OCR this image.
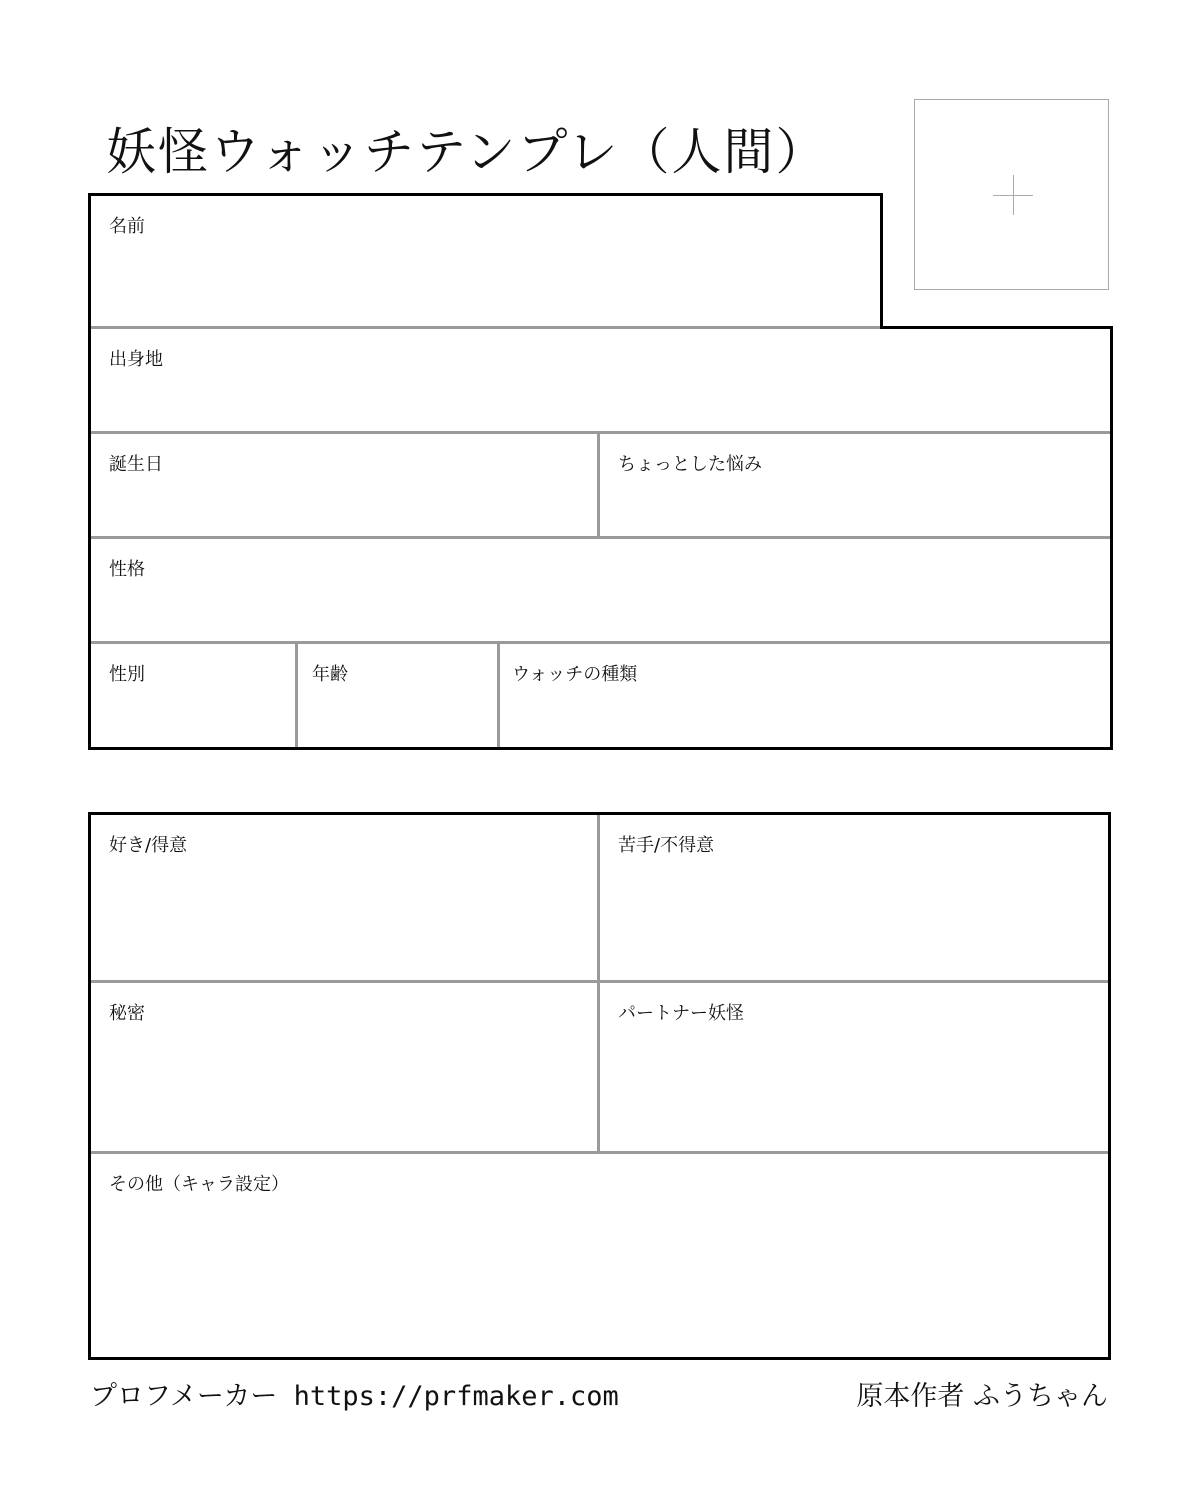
妖怪ウォッチテンプレ（人間）
名前
出身地
誕生日	ちょっとした悩み
性格
性別	年齢	ウォッチの種類
好き/得意	苦手/不得意
秘密	パートナー妖怪
その他（キャラ設定）
プロフメーカー https://prfmaker.com	原本作者 ふうちゃん
